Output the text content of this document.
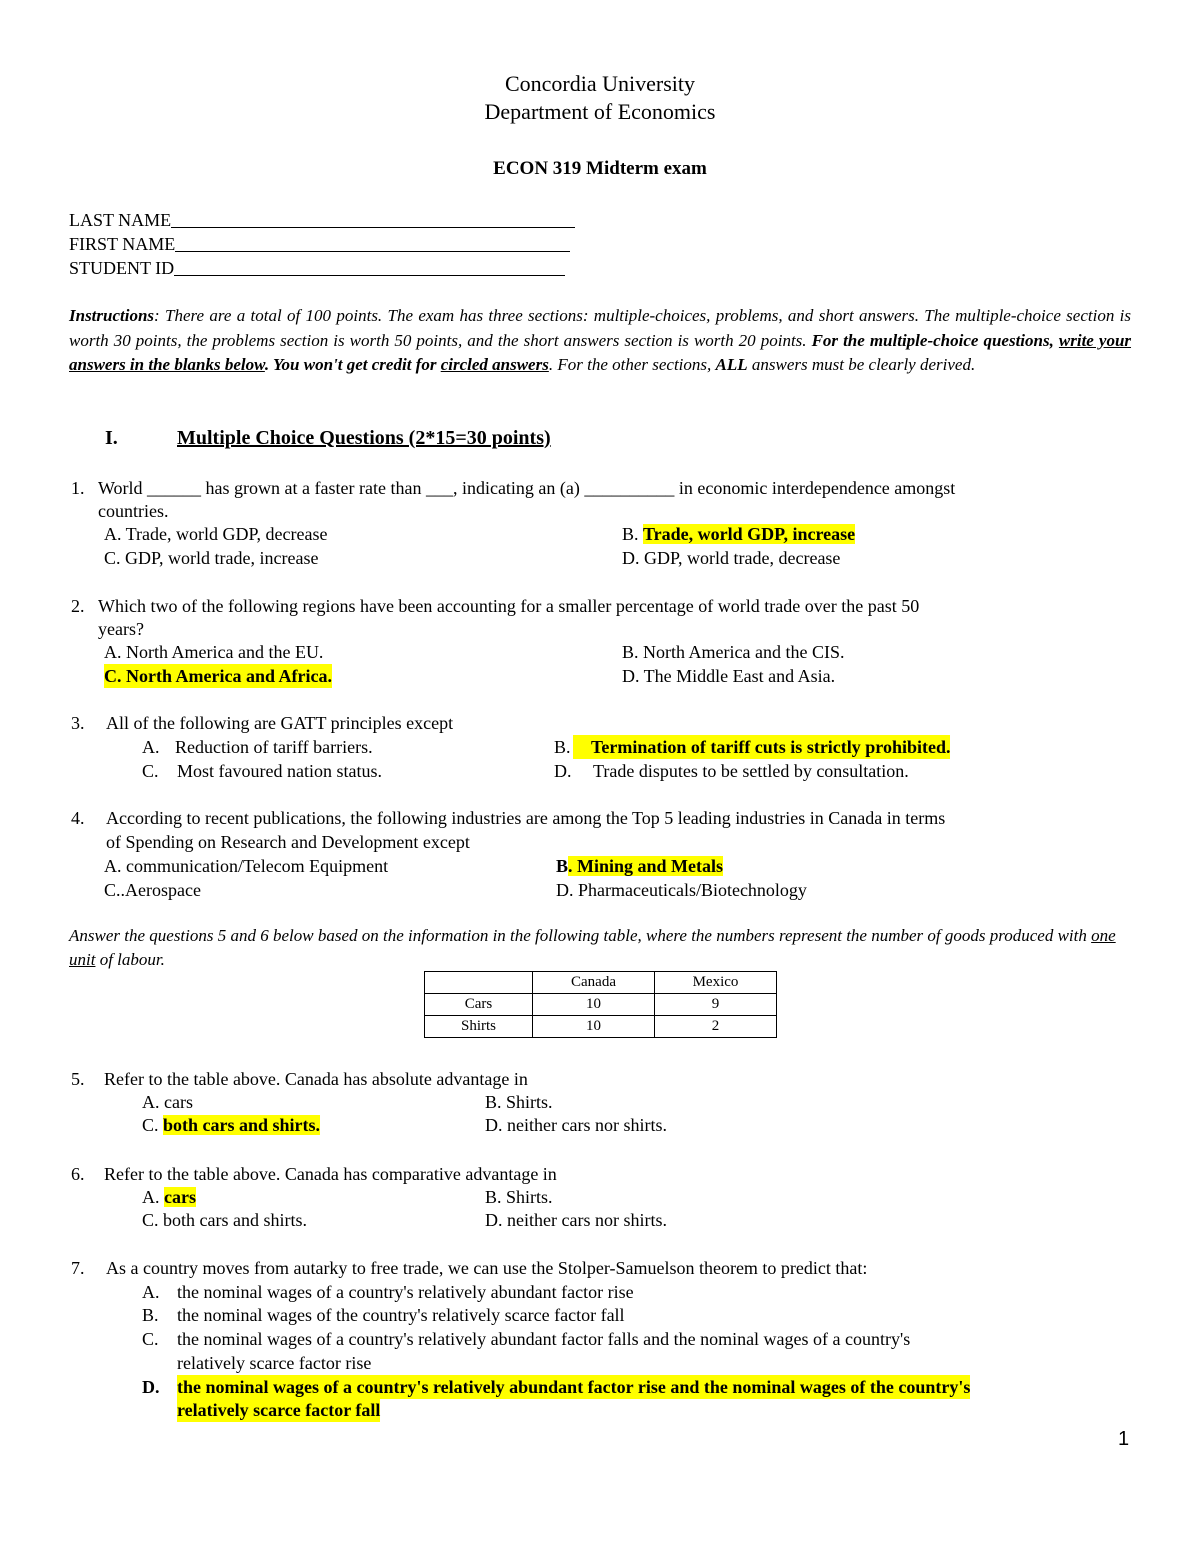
Concordia University
Department of Economics
ECON 319 Midterm exam
LAST NAME
FIRST NAME
STUDENT ID
Instructions: There are a total of 100 points. The exam has three sections: multiple-choices, problems, and short answers. The multiple-choice section is worth 30 points, the problems section is worth 50 points, and the short answers section is worth 20 points. For the multiple-choice questions, write your answers in the blanks below. You won't get credit for circled answers. For the other sections, ALL answers must be clearly derived.
I.	Multiple Choice Questions (2*15=30 points)
1. World ______ has grown at a faster rate than ___, indicating an (a) __________ in economic interdependence amongst
countries.
A. Trade, world GDP, decrease	B. Trade, world GDP, increase
C. GDP, world trade, increase	D. GDP, world trade, decrease
2. Which two of the following regions have been accounting for a smaller percentage of world trade over the past 50
years?
A. North America and the EU.	B. North America and the CIS.
C. North America and Africa.	D. The Middle East and Asia.
3. All of the following are GATT principles except
A. Reduction of tariff barriers.	B.	Termination of tariff cuts is strictly prohibited.
C. Most favoured nation status.	D. Trade disputes to be settled by consultation.
4. According to recent publications, the following industries are among the Top 5 leading industries in Canada in terms
of Spending on Research and Development except
A. communication/Telecom Equipment	B. Mining and Metals
C..Aerospace	D. Pharmaceuticals/Biotechnology
Answer the questions 5 and 6 below based on the information in the following table, where the numbers represent the number of goods produced with one unit of labour.
	Canada	Mexico
Cars	10	9
Shirts	10	2
5. Refer to the table above. Canada has absolute advantage in
A. cars	B. Shirts.
C. both cars and shirts.	D. neither cars nor shirts.
6. Refer to the table above. Canada has comparative advantage in
A. cars	B. Shirts.
C. both cars and shirts.	D. neither cars nor shirts.
7. As a country moves from autarky to free trade, we can use the Stolper-Samuelson theorem to predict that:
A. the nominal wages of a country's relatively abundant factor rise
B. the nominal wages of the country's relatively scarce factor fall
C. the nominal wages of a country's relatively abundant factor falls and the nominal wages of a country's
relatively scarce factor rise
D. the nominal wages of a country's relatively abundant factor rise and the nominal wages of the country's
relatively scarce factor fall
1
